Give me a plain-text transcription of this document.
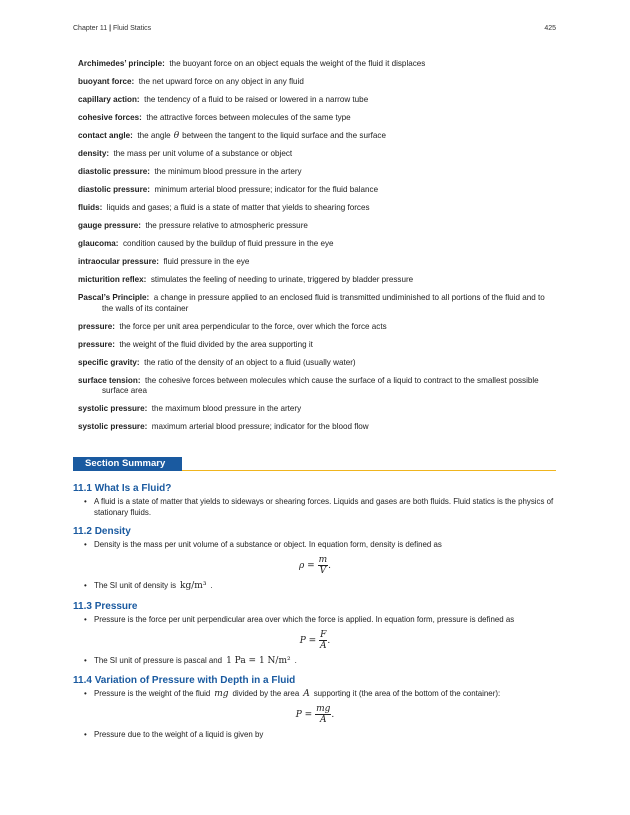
Chapter 11 | Fluid Statics	425
Archimedes’ principle: the buoyant force on an object equals the weight of the fluid it displaces
buoyant force: the net upward force on any object in any fluid
capillary action: the tendency of a fluid to be raised or lowered in a narrow tube
cohesive forces: the attractive forces between molecules of the same type
contact angle: the angle θ between the tangent to the liquid surface and the surface
density: the mass per unit volume of a substance or object
diastolic pressure: the minimum blood pressure in the artery
diastolic pressure: minimum arterial blood pressure; indicator for the fluid balance
fluids: liquids and gases; a fluid is a state of matter that yields to shearing forces
gauge pressure: the pressure relative to atmospheric pressure
glaucoma: condition caused by the buildup of fluid pressure in the eye
intraocular pressure: fluid pressure in the eye
micturition reflex: stimulates the feeling of needing to urinate, triggered by bladder pressure
Pascal’s Principle: a change in pressure applied to an enclosed fluid is transmitted undiminished to all portions of the fluid and to the walls of its container
pressure: the force per unit area perpendicular to the force, over which the force acts
pressure: the weight of the fluid divided by the area supporting it
specific gravity: the ratio of the density of an object to a fluid (usually water)
surface tension: the cohesive forces between molecules which cause the surface of a liquid to contract to the smallest possible surface area
systolic pressure: the maximum blood pressure in the artery
systolic pressure: maximum arterial blood pressure; indicator for the blood flow
Section Summary
11.1 What Is a Fluid?
• A fluid is a state of matter that yields to sideways or shearing forces. Liquids and gases are both fluids. Fluid statics is the physics of stationary fluids.
11.2 Density
• Density is the mass per unit volume of a substance or object. In equation form, density is defined as
$\rho = \frac{m}{V}$ .
• The SI unit of density is kg/m³ .
11.3 Pressure
• Pressure is the force per unit perpendicular area over which the force is applied. In equation form, pressure is defined as
$P = \frac{F}{A}$ .
• The SI unit of pressure is pascal and 1 Pa = 1 N/m² .
11.4 Variation of Pressure with Depth in a Fluid
• Pressure is the weight of the fluid mg divided by the area A supporting it (the area of the bottom of the container):
$P = \frac{mg}{A}$ .
• Pressure due to the weight of a liquid is given by
